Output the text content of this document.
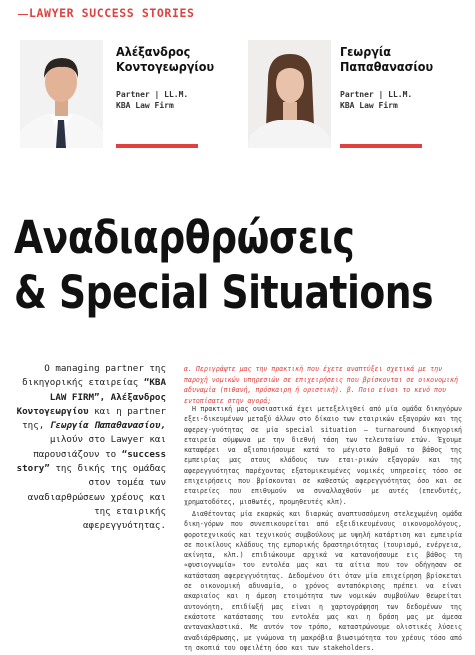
LAWYER SUCCESS STORIES
Αλέξανδρος
Κοντογεωργίου
Partner | LL.M.
KBA Law Firm
Γεωργία
Παπαθανασίου
Partner | LL.M.
KBA Law Firm
Αναδιαρθρώσεις
& Special Situations
Ο managing partner της δικηγορικής εταιρείας “KBA LAW FIRM”, Αλέξανδρος Κοντογεωργίου και η partner της, Γεωργία Παπαθανασίου, μιλούν στο Lawyer και παρουσιάζουν το “success story” της δικής της ομάδας στον τομέα των αναδιαρθρώσεων χρέους και της εταιρικής αφερεγγυότητας.
α. Περιγράψτε μας την πρακτική που έχετε αναπτύξει σχετικά με την παροχή νομικών υπηρεσιών σε επιχειρήσεις που βρίσκονται σε οικονομική αδυναμία (πιθανή, πρόσκαιρη ή οριστική). β. Ποιο είναι το κενό που εντοπίσατε στην αγορά;

Η πρακτική μας ουσιαστικά έχει μετεξελιχθεί από μία ομάδα δικηγόρων εξει-δικευμένων μεταξύ άλλων στο δίκαιο των εταιρικών εξαγορών και της αφερεγ-γυότητας σε μία special situation – turnaround δικηγορική εταιρεία σύμφωνα με την διεθνή τάση των τελευταίων ετών. Έχουμε καταφέρει να αξιοποιήσουμε κατά το μέγιστο βαθμό το βάθος της εμπειρίας μας στους κλάδους των εται-ρικών εξαγορών και της αφερεγγυότητας παρέχοντας εξατομικευμένες νομικές υπηρεσίες τόσο σε επιχειρήσεις που βρίσκονται σε καθεστώς αφερεγγυότητας όσο και σε εταιρείες που επιθυμούν να συναλλαχθούν με αυτές (επενδυτές, χρηματοδότες, μισθωτές, προμηθευτές κλπ).

Διαθέτοντας μία εκαρκώς και διαρκώς αναπτυσσόμενη στελεχωμένη ομάδα δικη-γόρων που συνεπικουρείται από εξειδικευμένους οικονομολόγους, φοροτεχνικούς και τεχνικούς συμβούλους με υψηλή κατάρτιση και εμπειρία σε ποικίλους κλάδους της εμπορικής δραστηριότητας (τουρισμό, ενέργεια, ακίνητα, κλπ.) επιδιώκουμε αρχικά να κατανοήσουμε εις βάθος τη «φυσιογνωμία» του εντολέα μας και τα αίτια που τον οδήγησαν σε κατάσταση αφερεγγυότητας. Δεδομένου ότι όταν μία επιχείρηση βρίσκεται σε οικονομική αδυναμία, ο χρόνος ανταπόκρισης πρέπει να είναι ακαριαίος και η άμεση ετοιμότητα των νομικών συμβούλων θεωρείται αυτονόητη, επιδίωξή μας είναι η χαρτογράφηση των δεδομένων της εκάστοτε κατάστασης του εντολέα μας και η δράση μας με άμεσα αντανακλαστικά. Με αυτόν τον τρόπο, καταστρώνουμε ολιστικές λύσεις αναδιάρθρωσης, με γνώμονα τη μακρόβια βιωσιμότητα του χρέους τόσο από τη σκοπιά του οφειλέτη όσο και των stakeholders.
